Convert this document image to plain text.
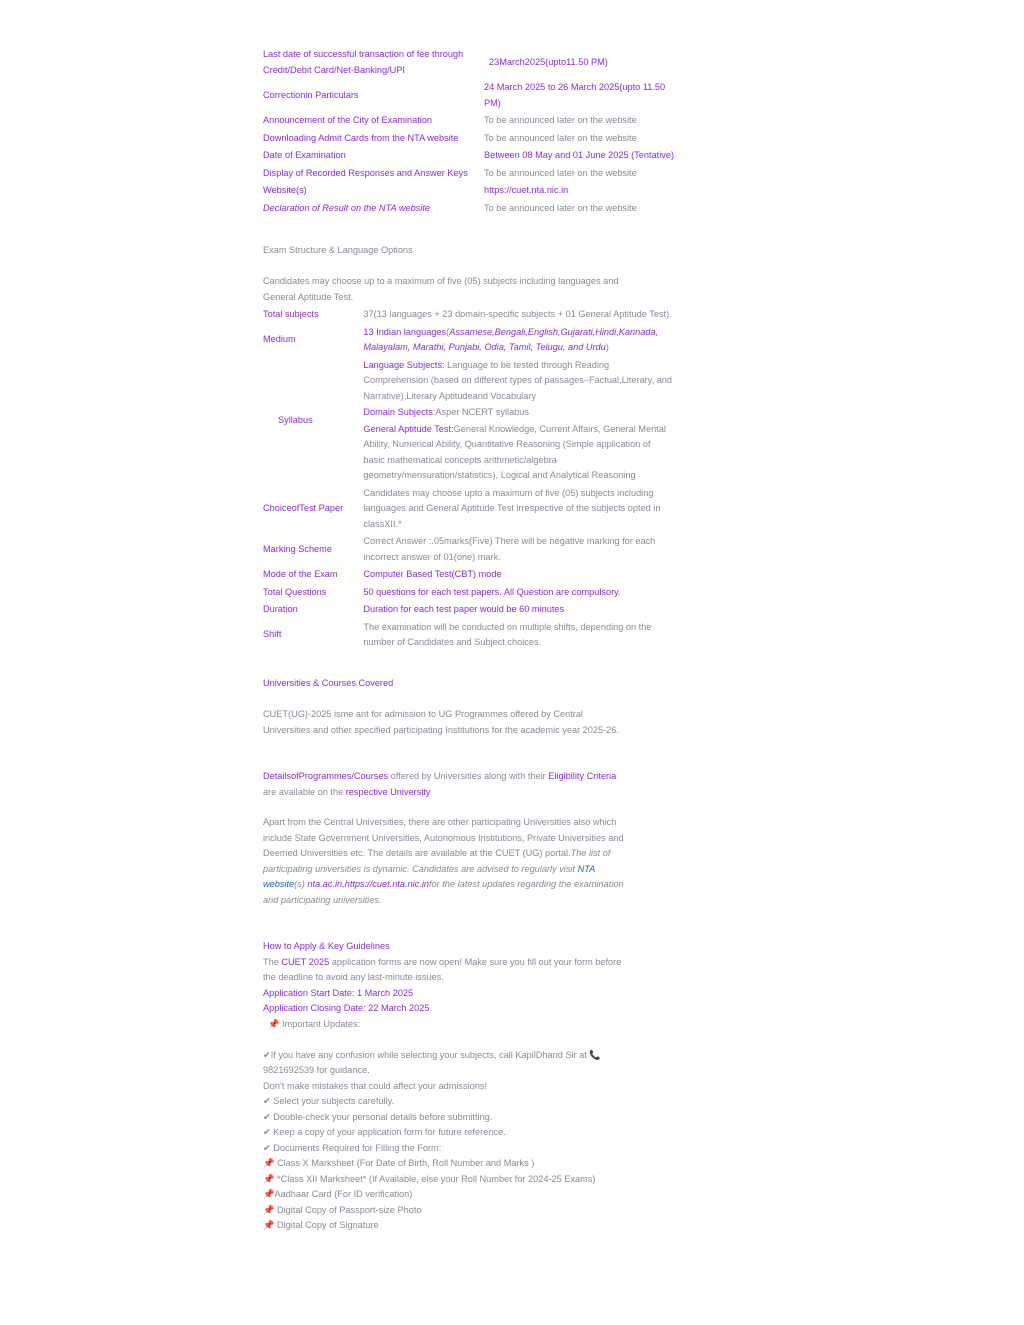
Last date of successful transaction of fee through Credit/Debit Card/Net-Banking/UPI	23March2025(upto11.50 PM)
Correctionin Particulars	24 March 2025 to 26 March 2025(upto 11.50 PM)
Announcement of the City of Examination	To be announced later on the website
Downloading Admit Cards from the NTA website	To be announced later on the website
Date of Examination	Between 08 May and 01 June 2025 (Tentative)
Display of Recorded Responses and Answer Keys	To be announced later on the website
Website(s)	https://cuet.nta.nic.in
Declaration of Result on the NTA website	To be announced later on the website

Exam Structure & Language Options

Candidates may choose up to a maximum of five (05) subjects including languages and General Aptitude Test.

Total subjects	37(13 languages + 23 domain-specific subjects + 01 General Aptitude Test).
Medium	13 Indian languages(Assamese,Bengali,English,Gujarati,Hindi,Kannada, Malayalam, Marathi, Punjabi, Odia, Tamil, Telugu, and Urdu)
Syllabus	Language Subjects: Language to be tested through Reading Comprehension (based on different types of passages–Factual,Literary, and Narrative),Literary Aptitudeand Vocabulary

Domain Subjects:Asper NCERT syllabus

General Aptitude Test:General Knowledge, Current Affairs, General Mental Ability, Numerical Ability, Quantitative Reasoning (Simple application of basic mathematical concepts arithmetic/algebra geometry/mensuration/statistics), Logical and Analytical Reasoning

ChoiceofTest Paper	Candidates may choose upto a maximum of five (05) subjects including languages and General Aptitude Test irrespective of the subjects opted in classXII.*
Marking Scheme	Correct Answer :.05marks(Five) There will be negative marking for each incorrect answer of 01(one) mark.
Mode of the Exam	Computer Based Test(CBT) mode
Total Questions	50 questions for each test papers. All Question are compulsory.
Duration	Duration for each test paper would be 60 minutes
Shift	The examination will be conducted on multiple shifts, depending on the number of Candidates and Subject choices.

Universities & Courses Covered

CUET(UG)-2025 isme ant for admission to UG Programmes offered by Central Universities and other specified participating Institutions for the academic year 2025-26.

DetailsofProgrammes/Courses offered by Universities along with their Eligibility Criteria are available on the respective University

Apart from the Central Universities, there are other participating Universities also which include State Government Universities, Autonomous Institutions, Private Universities and Deemed Universities etc. The details are available at the CUET (UG) portal.The list of participating universities is dynamic. Candidates are advised to regularly visit NTA website(s) nta.ac.in,https://cuet.nta.nic.infor the latest updates regarding the examination and participating universities.

How to Apply & Key Guidelines

The CUET 2025 application forms are now open! Make sure you fill out your form before the deadline to avoid any last-minute issues.

Application Start Date: 1 March 2025

Application Closing Date: 22 March 2025

📌 Important Updates:

✔If you have any confusion while selecting your subjects, call KapilDhand Sir at 📞 9821692539 for guidance.

Don’t make mistakes that could affect your admissions!

✔ Select your subjects carefully.

✔ Double-check your personal details before submitting.

✔ Keep a copy of your application form for future reference.

✔ Documents Required for Filling the Form:

📌 Class X Marksheet (For Date of Birth, Roll Number and Marks )

📌 *Class XII Marksheet* (If Available, else your Roll Number for 2024-25 Exams)

📌Aadhaar Card (For ID verification)

📌 Digital Copy of Passport-size Photo

📌 Digital Copy of Signature
